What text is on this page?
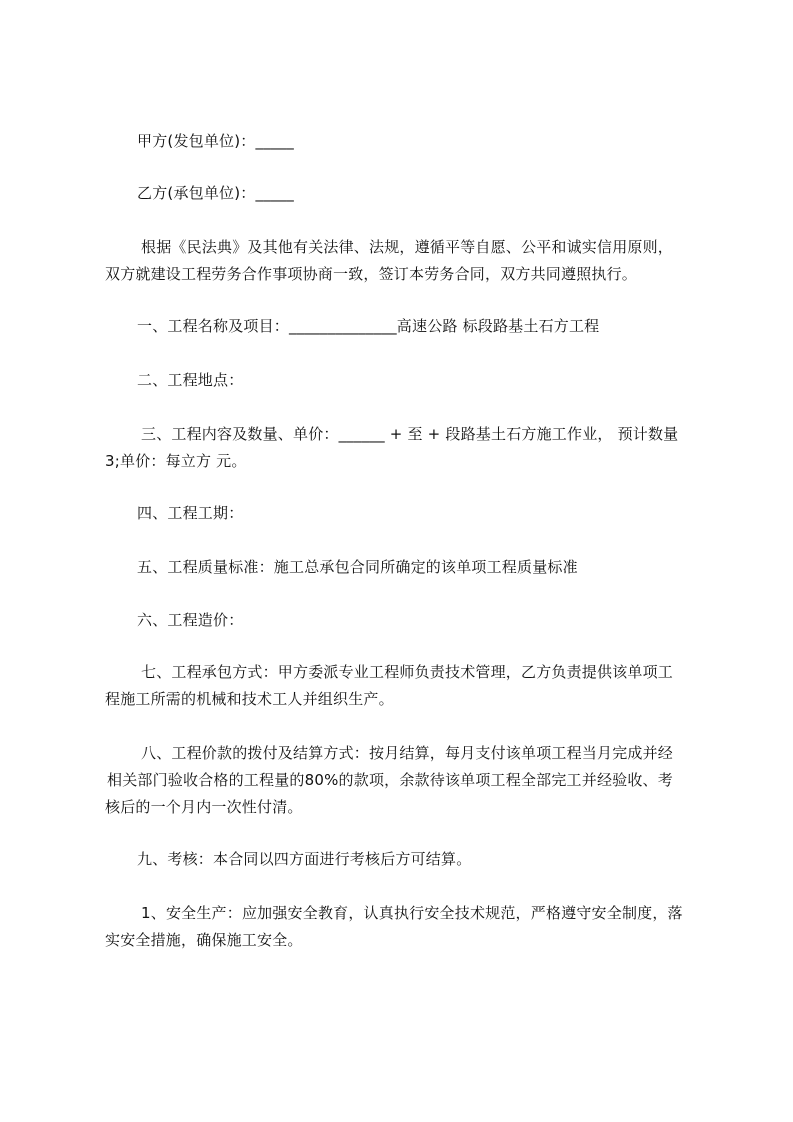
甲方(发包单位)：_____
乙方(承包单位)：_____
根据《民法典》及其他有关法律、法规，遵循平等自愿、公平和诚实信用原则，
双方就建设工程劳务合作事项协商一致，签订本劳务合同，双方共同遵照执行。
一、工程名称及项目：______________高速公路 标段路基土石方工程
二、工程地点：
三、工程内容及数量、单价：______ + 至 + 段路基土石方施工作业， 预计数量
3;单价：每立方 元。
四、工程工期：
五、工程质量标准：施工总承包合同所确定的该单项工程质量标准
六、工程造价：
七、工程承包方式：甲方委派专业工程师负责技术管理，乙方负责提供该单项工
程施工所需的机械和技术工人并组织生产。
八、工程价款的拨付及结算方式：按月结算，每月支付该单项工程当月完成并经
相关部门验收合格的工程量的80%的款项，余款待该单项工程全部完工并经验收、考
核后的一个月内一次性付清。
九、考核：本合同以四方面进行考核后方可结算。
1、安全生产：应加强安全教育，认真执行安全技术规范，严格遵守安全制度，落
实安全措施，确保施工安全。
